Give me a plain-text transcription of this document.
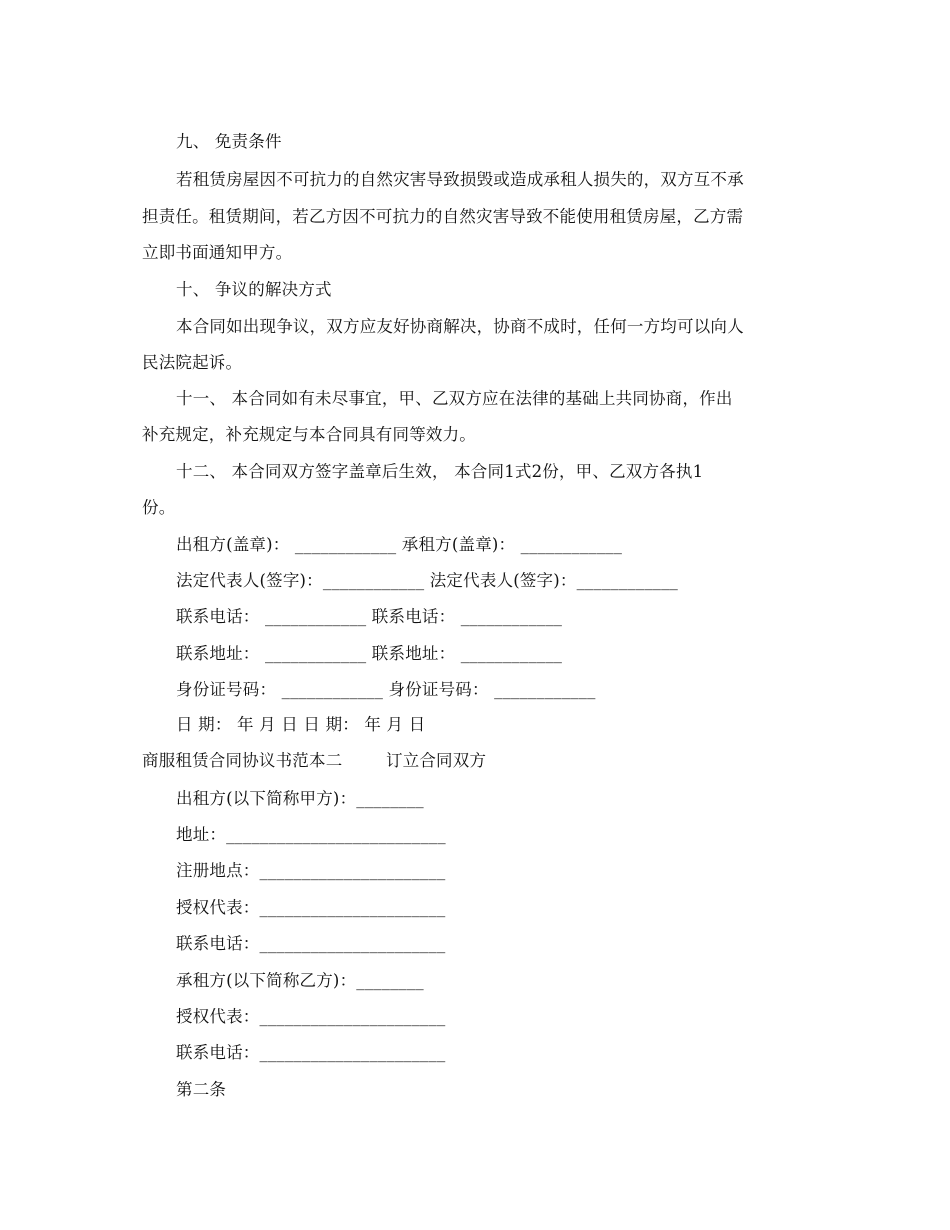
九、 免责条件
若租赁房屋因不可抗力的自然灾害导致损毁或造成承租人损失的，双方互不承
担责任。租赁期间，若乙方因不可抗力的自然灾害导致不能使用租赁房屋，乙方需
立即书面通知甲方。
十、 争议的解决方式
本合同如出现争议，双方应友好协商解决，协商不成时，任何一方均可以向人
民法院起诉。
十一、 本合同如有未尽事宜，甲、乙双方应在法律的基础上共同协商，作出
补充规定，补充规定与本合同具有同等效力。
十二、 本合同双方签字盖章后生效， 本合同1式2份，甲、乙双方各执1
份。
出租方(盖章)： ____________ 承租方(盖章)： ____________
法定代表人(签字)：____________ 法定代表人(签字)：____________
联系电话： ____________ 联系电话： ____________
联系地址： ____________ 联系地址： ____________
身份证号码： ____________ 身份证号码： ____________
日 期： 年 月 日 日 期： 年 月 日
商服租赁合同协议书范本二        订立合同双方
出租方(以下简称甲方)：________
地址：__________________________
注册地点：______________________
授权代表：______________________
联系电话：______________________
承租方(以下简称乙方)：________
授权代表：______________________
联系电话：______________________
第二条
